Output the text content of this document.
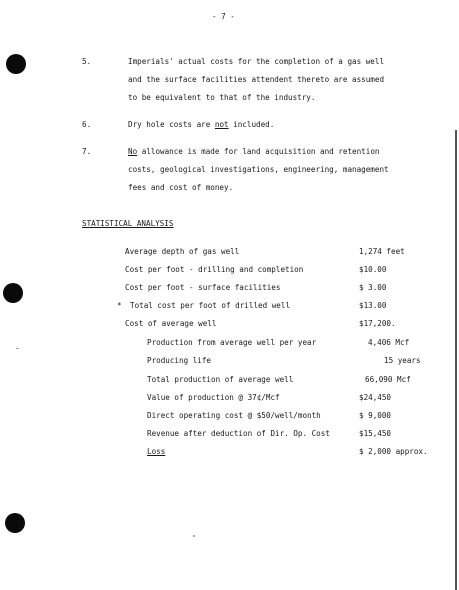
- 7 -
5.	Imperials' actual costs for the completion of a gas well
and the surface facilities attendent thereto are assumed
to be equivalent to that of the industry.
6.	Dry hole costs are not included.
7.	No allowance is made for land acquisition and retention
costs, geological investigations, engineering, management
fees and cost of money.
STATISTICAL ANALYSIS
Average depth of gas well	1,274 feet
Cost per foot - drilling and completion	$10.00
Cost per foot - surface facilities	$ 3.00
* Total cost per foot of drilled well	$13.00
Cost of average well	$17,200.
Production from average well per year	4,406 Mcf
Producing life	15 years
Total production of average well	66,090 Mcf
Value of production @ 37¢/Mcf	$24,450
Direct operating cost @ $50/well/month	$ 9,000
Revenue after deduction of Dir. Op. Cost	$15,450
Loss	$ 2,000 approx.
